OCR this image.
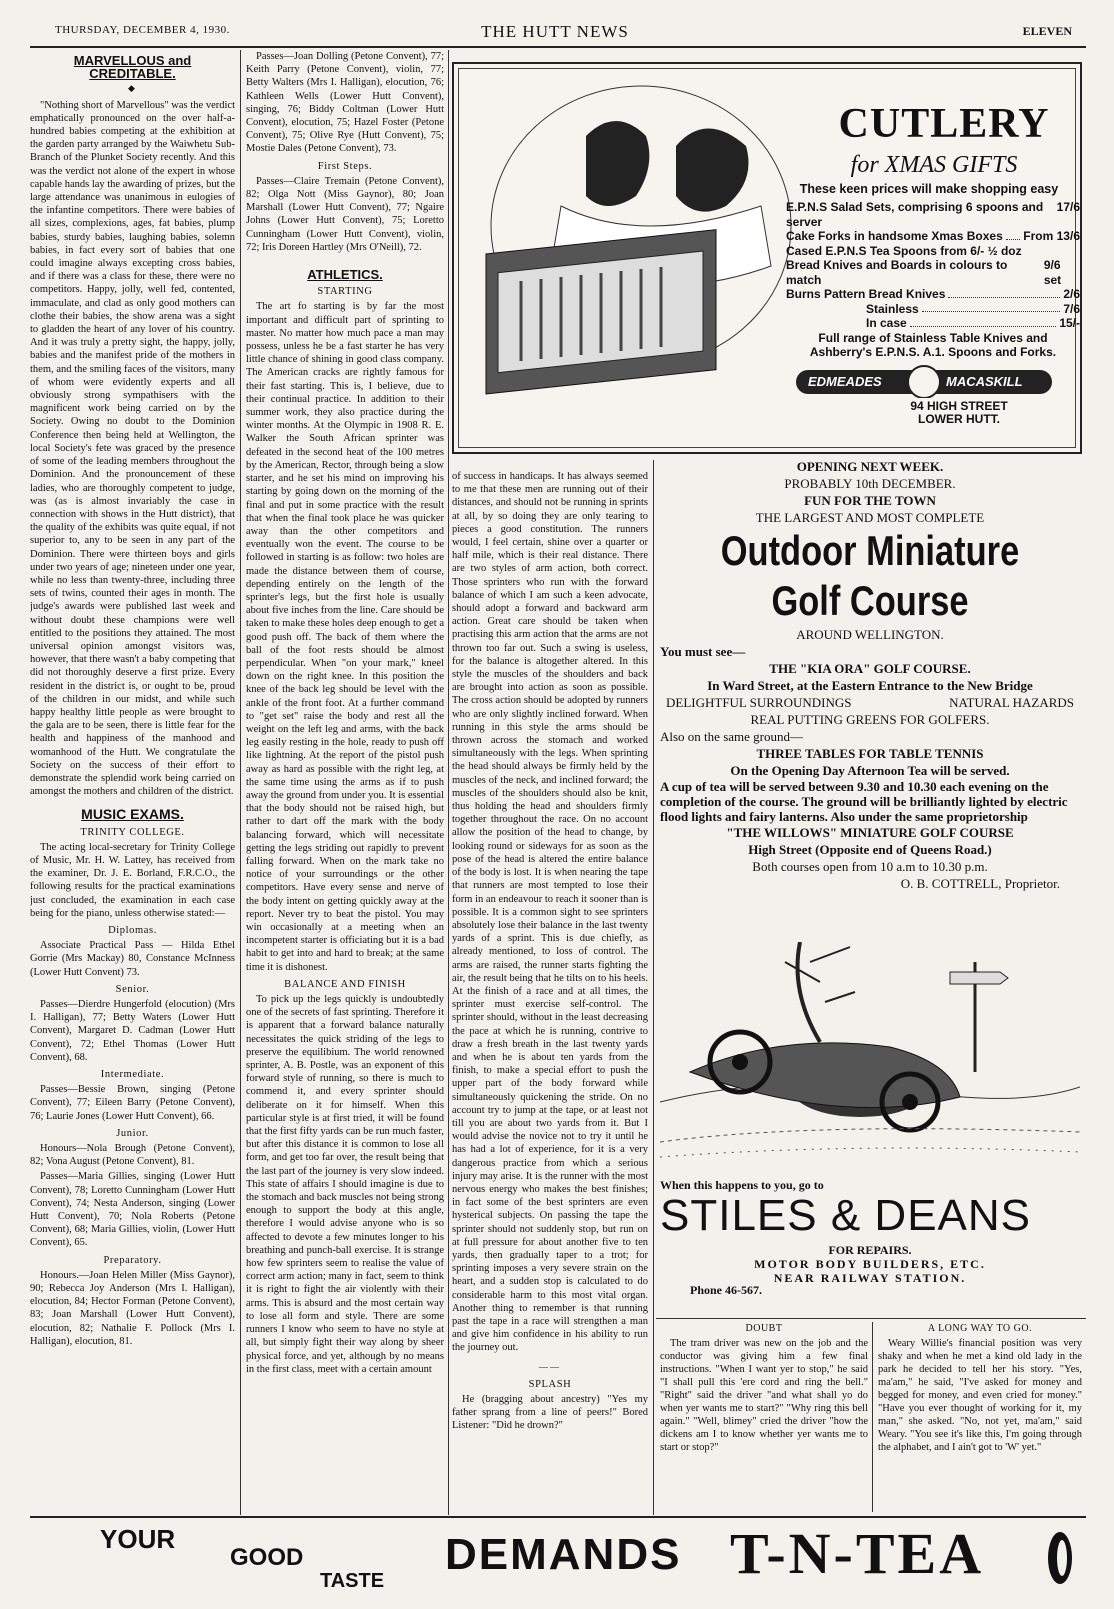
THURSDAY, DECEMBER 4, 1930.	THE HUTT NEWS	ELEVEN
MARVELLOUS and CREDITABLE.
◆

"Nothing short of Marvellous" was the verdict emphatically pronounced on the over half-a-hundred babies competing at the exhibition at the garden party arranged by the Waiwhetu Sub-Branch of the Plunket Society recently. And this was the verdict not alone of the expert in whose capable hands lay the awarding of prizes, but the large attendance was unanimous in eulogies of the infantine competitors. There were babies of all sizes, complexions, ages, fat babies, plump babies, sturdy babies, laughing babies, solemn babies, in fact every sort of babies that one could imagine always excepting cross babies, and if there was a class for these, there were no competitors. Happy, jolly, well fed, contented, immaculate, and clad as only good mothers can clothe their babies, the show arena was a sight to gladden the heart of any lover of his country. And it was truly a pretty sight, the happy, jolly, babies and the manifest pride of the mothers in them, and the smiling faces of the visitors, many of whom were evidently experts and all obviously strong sympathisers with the magnificent work being carried on by the Society. Owing no doubt to the Dominion Conference then being held at Wellington, the local Society's fete was graced by the presence of some of the leading members throughout the Dominion. And the pronouncement of these ladies, who are thoroughly competent to judge, was (as is almost invariably the case in connection with shows in the Hutt district), that the quality of the exhibits was quite equal, if not superior to, any to be seen in any part of the Dominion. There were thirteen boys and girls under two years of age; nineteen under one year, while no less than twenty-three, including three sets of twins, counted their ages in month. The judge's awards were published last week and without doubt these champions were well entitled to the positions they attained. The most universal opinion amongst visitors was, however, that there wasn't a baby competing that did not thoroughly deserve a first prize. Every resident in the district is, or ought to be, proud of the children in our midst, and while such happy healthy little people as were brought to the gala are to be seen, there is little fear for the health and happiness of the manhood and womanhood of the Hutt. We congratulate the Society on the success of their effort to demonstrate the splendid work being carried on amongst the mothers and children of the district.

MUSIC EXAMS.
TRINITY COLLEGE.

The acting local-secretary for Trinity College of Music, Mr. H. W. Lattey, has received from the examiner, Dr. J. E. Borland, F.R.C.O., the following results for the practical examinations just concluded, the examination in each case being for the piano, unless otherwise stated:—

Diplomas.

Associate Practical Pass — Hilda Ethel Gorrie (Mrs Mackay) 80, Constance McInness (Lower Hutt Convent) 73.

Senior.

Passes—Dierdre Hungerfold (elocution) (Mrs I. Halligan), 77; Betty Waters (Lower Hutt Convent), Margaret D. Cadman (Lower Hutt Convent), 72; Ethel Thomas (Lower Hutt Convent), 68.

Intermediate.

Passes—Bessie Brown, singing (Petone Convent), 77; Eileen Barry (Petone Convent), 76; Laurie Jones (Lower Hutt Convent), 66.

Junior.

Honours—Nola Brough (Petone Convent), 82; Vona August (Petone Convent), 81.

Passes—Maria Gillies, singing (Lower Hutt Convent), 78; Loretto Cunningham (Lower Hutt Convent), 74; Nesta Anderson, singing (Lower Hutt Convent), 70; Nola Roberts (Petone Convent), 68; Maria Gillies, violin, (Lower Hutt Convent), 65.

Preparatory.

Honours.—Joan Helen Miller (Miss Gaynor), 90; Rebecca Joy Anderson (Mrs I. Halligan), elocution, 84; Hector Forman (Petone Convent), 83; Joan Marshall (Lower Hutt Convent), elocution, 82; Nathalie F. Pollock (Mrs I. Halligan), elocution, 81.

Passes—Joan Dolling (Petone Convent), 77; Keith Parry (Petone Convent), violin, 77; Betty Walters (Mrs I. Halligan), elocution, 76; Kathleen Wells (Lower Hutt Convent), singing, 76; Biddy Coltman (Lower Hutt Convent), elocution, 75; Hazel Foster (Petone Convent), 75; Olive Rye (Hutt Convent), 75; Mostie Dales (Petone Convent), 73.

First Steps.

Passes—Claire Tremain (Petone Convent), 82; Olga Nott (Miss Gaynor), 80; Joan Marshall (Lower Hutt Convent), 77; Ngaire Johns (Lower Hutt Convent), 75; Loretto Cunningham (Lower Hutt Convent), violin, 72; Iris Doreen Hartley (Mrs O'Neill), 72.

ATHLETICS.
STARTING

The art fo starting is by far the most important and difficult part of sprinting to master. No matter how much pace a man may possess, unless he be a fast starter he has very little chance of shining in good class company. The American cracks are rightly famous for their fast starting. This is, I believe, due to their continual practice. In addition to their summer work, they also practice during the winter months. At the Olympic in 1908 R. E. Walker the South African sprinter was defeated in the second heat of the 100 metres by the American, Rector, through being a slow starter, and he set his mind on improving his starting by going down on the morning of the final and put in some practice with the result that when the final took place he was quicker away than the other competitors and eventually won the event. The course to be followed in starting is as follow: two holes are made the distance between them of course, depending entirely on the length of the sprinter's legs, but the first hole is usually about five inches from the line. Care should be taken to make these holes deep enough to get a good push off. The back of them where the ball of the foot rests should be almost perpendicular. When "on your mark," kneel down on the right knee. In this position the knee of the back leg should be level with the ankle of the front foot. At a further command to "get set" raise the body and rest all the weight on the left leg and arms, with the back leg easily resting in the hole, ready to push off like lightning. At the report of the pistol push away as hard as possible with the right leg, at the same time using the arms as if to push away the ground from under you. It is essential that the body should not be raised high, but rather to dart off the mark with the body balancing forward, which will necessitate getting the legs striding out rapidly to prevent falling forward. When on the mark take no notice of your surroundings or the other competitors. Have every sense and nerve of the body intent on getting quickly away at the report. Never try to beat the pistol. You may win occasionally at a meeting when an incompetent starter is officiating but it is a bad habit to get into and hard to break; at the same time it is dishonest.

BALANCE AND FINISH

To pick up the legs quickly is undoubtedly one of the secrets of fast sprinting. Therefore it is apparent that a forward balance naturally necessitates the quick striding of the legs to preserve the equilibium. The world renowned sprinter, A. B. Postle, was an exponent of this forward style of running, so there is much to commend it, and every sprinter should deliberate on it for himself. When this particular style is at first tried, it will be found that the first fifty yards can be run much faster, but after this distance it is common to lose all form, and get too far over, the result being that the last part of the journey is very slow indeed. This state of affairs I should imagine is due to the stomach and back muscles not being strong enough to support the body at this angle, therefore I would advise anyone who is so affected to devote a few minutes longer to his breathing and punch-ball exercise. It is strange how few sprinters seem to realise the value of correct arm action; many in fact, seem to think it is right to fight the air violently with their arms. This is absurd and the most certain way to lose all form and style. There are some runners I know who seem to have no style at all, but simply fight their way along by sheer physical force, and yet, although by no means in the first class, meet with a certain amount

CUTLERY
for XMAS GIFTS
These keen prices will make shopping easy
E.P.N.S Salad Sets, comprising 6 spoons and server
17/6
Cake Forks in handsome Xmas Boxes From 13/6
Cased E.P.N.S Tea Spoons from 6/- ½ doz
Bread Knives and Boards in colours to match
9/6 set
Burns Pattern Bread Knives	2/6
Stainless	7/6
In case	15/-
Full range of Stainless Table Knives and Ashberry's E.P.N.S. A.1. Spoons and Forks.
EDMEADES	MACASKILL
94 HIGH STREET
LOWER HUTT.

of success in handicaps. It has always seemed to me that these men are running out of their distances, and should not be running in sprints at all, by so doing they are only tearing to pieces a good constitution. The runners would, I feel certain, shine over a quarter or half mile, which is their real distance. There are two styles of arm action, both correct. Those sprinters who run with the forward balance of which I am such a keen advocate, should adopt a forward and backward arm action. Great care should be taken when practising this arm action that the arms are not thrown too far out. Such a swing is useless, for the balance is altogether altered. In this style the muscles of the shoulders and back are brought into action as soon as possible. The cross action should be adopted by runners who are only slightly inclined forward. When running in this style the arms should be thrown across the stomach and worked simultaneously with the legs. When sprinting the head should always be firmly held by the muscles of the neck, and inclined forward; the muscles of the shoulders should also be knit, thus holding the head and shoulders firmly together throughout the race. On no account allow the position of the head to change, by looking round or sideways for as soon as the pose of the head is altered the entire balance of the body is lost. It is when nearing the tape that runners are most tempted to lose their form in an endeavour to reach it sooner than is possible. It is a common sight to see sprinters absolutely lose their balance in the last twenty yards of a sprint. This is due chiefly, as already mentioned, to loss of control. The arms are raised, the runner starts fighting the air, the result being that he tilts on to his heels. At the finish of a race and at all times, the sprinter must exercise self-control. The sprinter should, without in the least decreasing the pace at which he is running, contrive to draw a fresh breath in the last twenty yards and when he is about ten yards from the finish, to make a special effort to push the upper part of the body forward while simultaneously quickening the stride. On no account try to jump at the tape, or at least not till you are about two yards from it. But I would advise the novice not to try it until he has had a lot of experience, for it is a very dangerous practice from which a serious injury may arise. It is the runner with the most nervous energy who makes the best finishes; in fact some of the best sprinters are even hysterical subjects. On passing the tape the sprinter should not suddenly stop, but run on at full pressure for about another five to ten yards, then gradually taper to a trot; for sprinting imposes a very severe strain on the heart, and a sudden stop is calculated to do considerable harm to this most vital organ. Another thing to remember is that running past the tape in a race will strengthen a man and give him confidence in his ability to run the journey out.

——
SPLASH

He (bragging about ancestry) "Yes my father sprang from a line of peers!" Bored Listener: "Did he drown?"

OPENING NEXT WEEK.
PROBABLY 10th DECEMBER.
FUN FOR THE TOWN
THE LARGEST AND MOST COMPLETE
Outdoor Miniature
Golf Course
AROUND WELLINGTON.
You must see—
THE "KIA ORA" GOLF COURSE.
In Ward Street, at the Eastern Entrance to the New Bridge
DELIGHTFUL SURROUNDINGS	NATURAL HAZARDS
REAL PUTTING GREENS FOR GOLFERS.
Also on the same ground—
THREE TABLES FOR TABLE TENNIS
On the Opening Day Afternoon Tea will be served.
A cup of tea will be served between 9.30 and 10.30 each evening on the completion of the course. The ground will be brilliantly lighted by electric flood lights and fairy lanterns. Also under the same proprietorship
"THE WILLOWS" MINIATURE GOLF COURSE
High Street (Opposite end of Queens Road.)
Both courses open from 10 a.m to 10.30 p.m.
O. B. COTTRELL, Proprietor.
When this happens to you, go to
STILES & DEANS
FOR REPAIRS.
MOTOR BODY BUILDERS, ETC.
NEAR RAILWAY STATION.
Phone 46-567.
DOUBT

The tram driver was new on the job and the conductor was giving him a few final instructions. "When I want yer to stop," he said "I shall pull this 'ere cord and ring the bell." "Right" said the driver "and what shall yo do when yer wants me to start?" "Why ring this bell again." "Well, blimey" cried the driver "how the dickens am I to know whether yer wants me to start or stop?"

A LONG WAY TO GO.

Weary Willie's financial position was very shaky and when he met a kind old lady in the park he decided to tell her his story. "Yes, ma'am," he said, "I've asked for money and begged for money, and even cried for money." "Have you ever thought of working for it, my man," she asked. "No, not yet, ma'am," said Weary. "You see it's like this, I'm going through the alphabet, and I ain't got to 'W' yet."

YOUR
GOOD
TASTE
DEMANDS T-N-TEA
